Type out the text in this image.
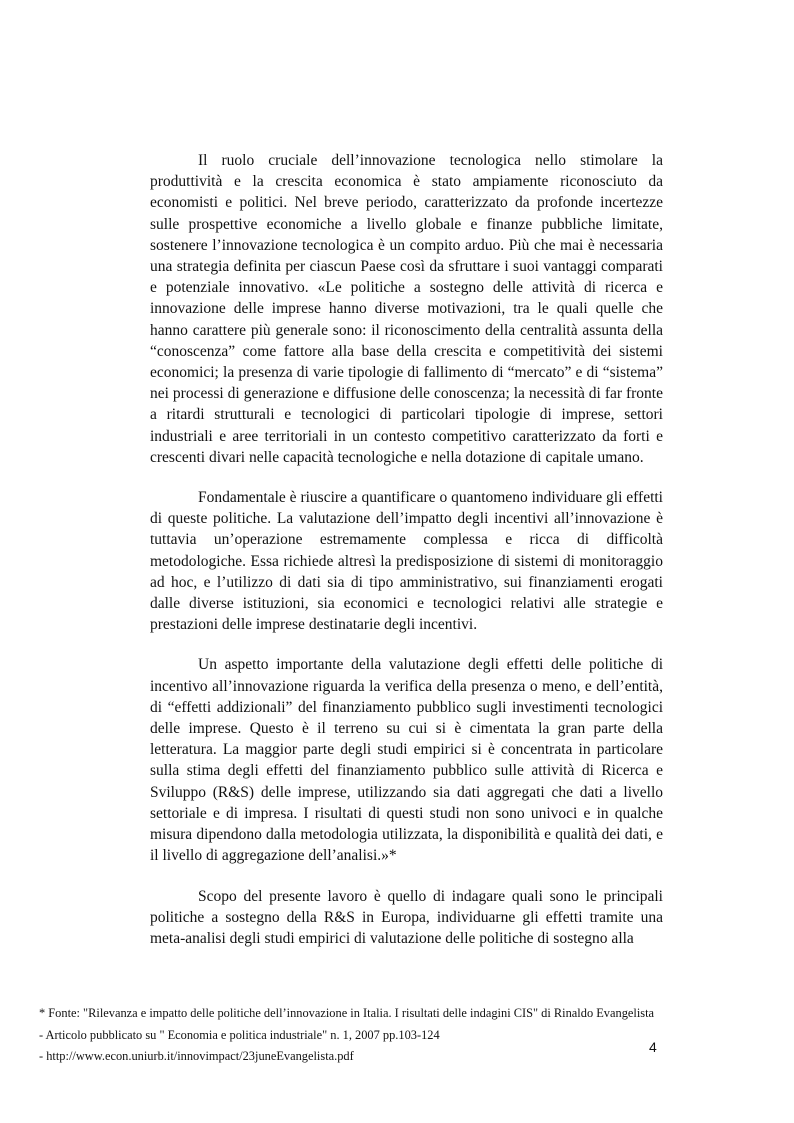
Il ruolo cruciale dell’innovazione tecnologica nello stimolare la produttività e la crescita economica è stato ampiamente riconosciuto da economisti e politici. Nel breve periodo, caratterizzato da profonde incertezze sulle prospettive economiche a livello globale e finanze pubbliche limitate, sostenere l’innovazione tecnologica è un compito arduo. Più che mai è necessaria una strategia definita per ciascun Paese così da sfruttare i suoi vantaggi comparati e potenziale innovativo. «Le politiche a sostegno delle attività di ricerca e innovazione delle imprese hanno diverse motivazioni, tra le quali quelle che hanno carattere più generale sono: il riconoscimento della centralità assunta della “conoscenza” come fattore alla base della crescita e competitività dei sistemi economici; la presenza di varie tipologie di fallimento di “mercato” e di “sistema” nei processi di generazione e diffusione delle conoscenza; la necessità di far fronte a ritardi strutturali e tecnologici di particolari tipologie di imprese, settori industriali e aree territoriali in un contesto competitivo caratterizzato da forti e crescenti divari nelle capacità tecnologiche e nella dotazione di capitale umano.

Fondamentale è riuscire a quantificare o quantomeno individuare gli effetti di queste politiche. La valutazione dell’impatto degli incentivi all’innovazione è tuttavia un’operazione estremamente complessa e ricca di difficoltà metodologiche. Essa richiede altresì la predisposizione di sistemi di monitoraggio ad hoc, e l’utilizzo di dati sia di tipo amministrativo, sui finanziamenti erogati dalle diverse istituzioni, sia economici e tecnologici relativi alle strategie e prestazioni delle imprese destinatarie degli incentivi.

Un aspetto importante della valutazione degli effetti delle politiche di incentivo all’innovazione riguarda la verifica della presenza o meno, e dell’entità, di “effetti addizionali” del finanziamento pubblico sugli investimenti tecnologici delle imprese. Questo è il terreno su cui si è cimentata la gran parte della letteratura. La maggior parte degli studi empirici si è concentrata in particolare sulla stima degli effetti del finanziamento pubblico sulle attività di Ricerca e Sviluppo (R&S) delle imprese, utilizzando sia dati aggregati che dati a livello settoriale e di impresa. I risultati di questi studi non sono univoci e in qualche misura dipendono dalla metodologia utilizzata, la disponibilità e qualità dei dati, e il livello di aggregazione dell’analisi.»*

Scopo del presente lavoro è quello di indagare quali sono le principali politiche a sostegno della R&S in Europa, individuarne gli effetti tramite una meta-analisi degli studi empirici di valutazione delle politiche di sostegno alla

* Fonte: "Rilevanza e impatto delle politiche dell’innovazione in Italia. I risultati delle indagini CIS" di Rinaldo Evangelista
- Articolo pubblicato su " Economia e politica industriale" n. 1, 2007 pp.103-124
- http://www.econ.uniurb.it/innovimpact/23juneEvangelista.pdf
4
